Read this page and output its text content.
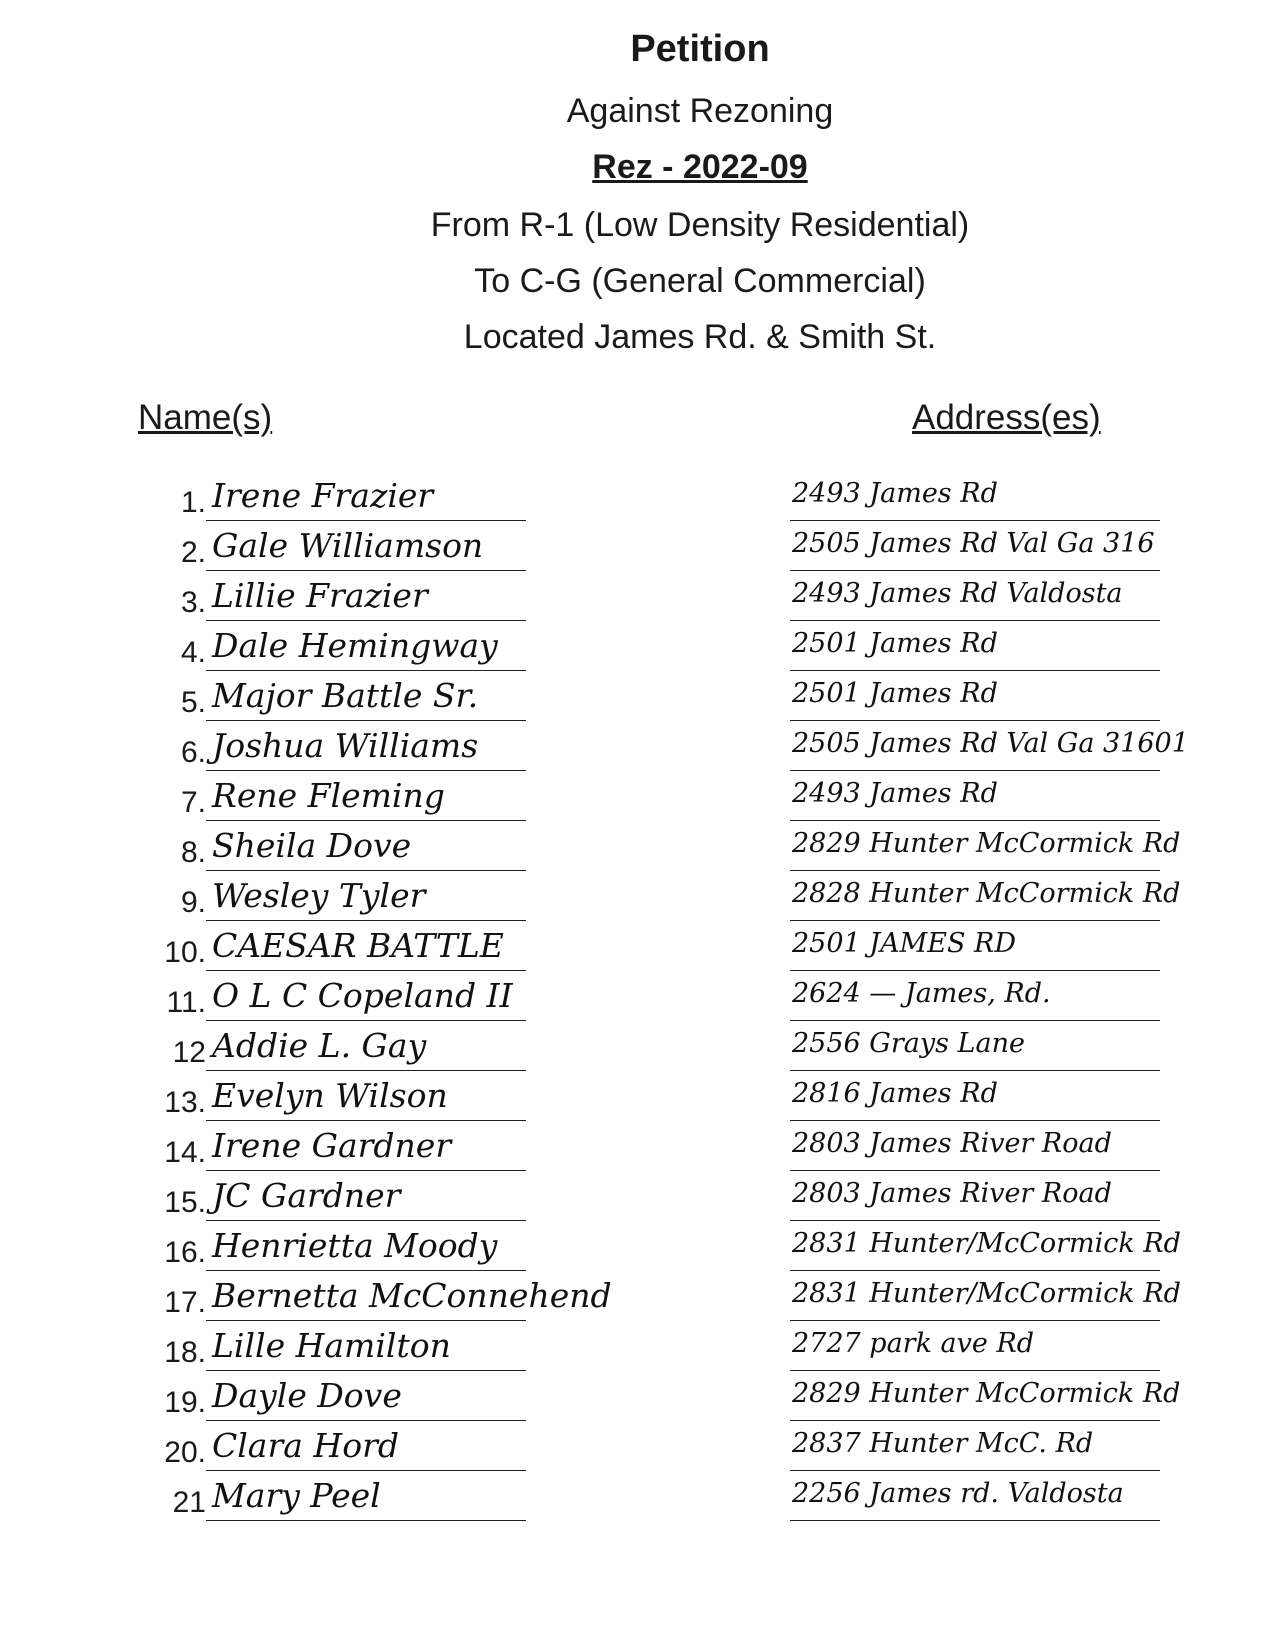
Petition
Against Rezoning
Rez - 2022-09
From R-1 (Low Density Residential)
To C-G (General Commercial)
Located James Rd. & Smith St.
Name(s)	Address(es)
1. Irene Frazier	2493 James Rd
2. Gale Williamson	2505 James Rd Val Ga 316
3. Lillie Frazier	2493 James Rd Valdosta
4. Dale Hemingway	2501 James Rd
5. Major Battle Sr.	2501 James Rd
6. Joshua Williams	2505 James Rd Val Ga 31601
7. Rene Fleming	2493 James Rd
8. Sheila Dove	2829 Hunter McCormick Rd
9. Wesley Tyler	2828 Hunter McCormick Rd
10. CAESAR BATTLE	2501 JAMES RD
11. O L C Copeland II	2624 — James, Rd.
12 Addie L. Gay	2556 Grays Lane
13. Evelyn Wilson	2816 James Rd
14. Irene Gardner	2803 James River Road
15. JC Gardner	2803 James River Road
16. Henrietta Moody	2831 Hunter/McCormick Rd
17. Bernetta McConnehend	2831 Hunter/McCormick Rd
18. Lille Hamilton	2727 park ave Rd
19. Dayle Dove	2829 Hunter McCormick Rd
20. Clara Hord	2837 Hunter McC. Rd
21 Mary Peel	2256 James rd. Valdosta
